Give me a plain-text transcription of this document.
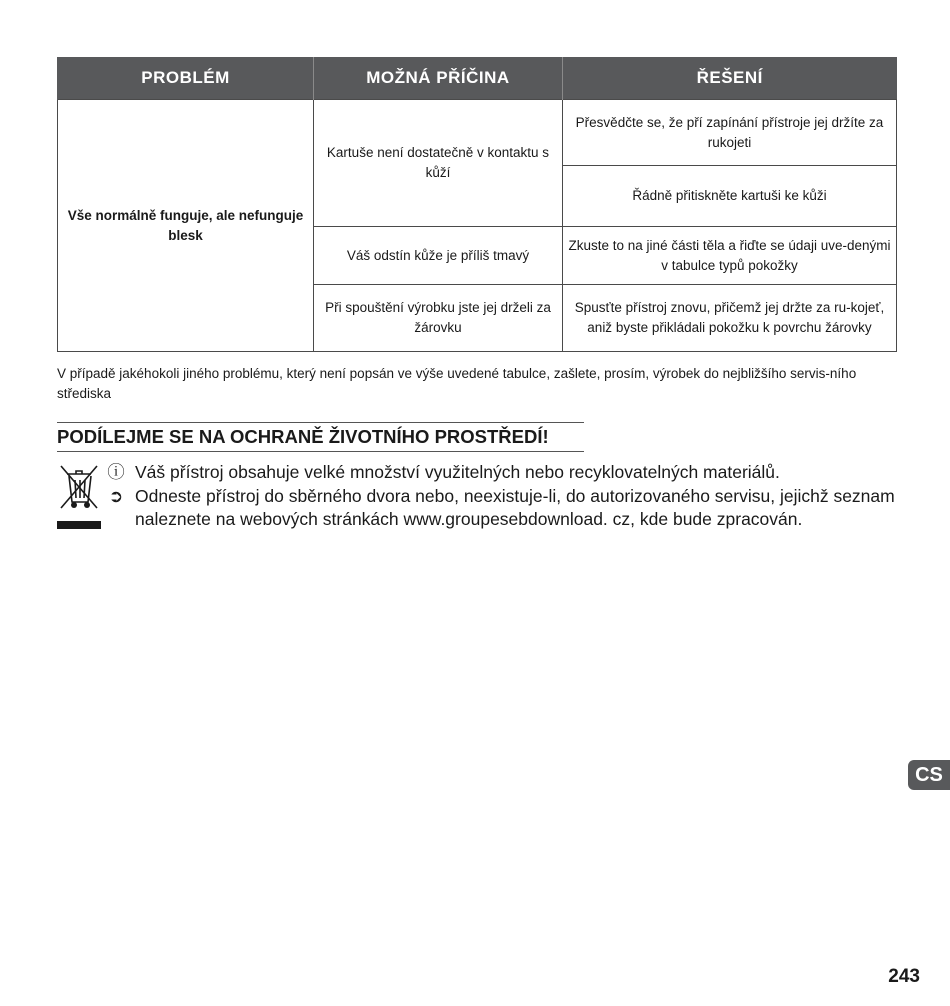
PROBLÉM	MOŽNÁ PŘÍČINA	ŘEŠENÍ
Vše normálně funguje, ale nefunguje blesk	Kartuše není dostatečně v kontaktu s kůží	Přesvědčte se, že pří zapínání přístroje jej držíte za rukojeti
		Řádně přitiskněte kartuši ke kůži
	Váš odstín kůže je příliš tmavý	Zkuste to na jiné části těla a řiďte se údaji uve-denými v tabulce typů pokožky
	Při spouštění výrobku jste jej drželi za žárovku	Spusťte přístroj znovu, přičemž jej držte za ru-kojeť, aniž byste přikládali pokožku k povrchu žárovky
V případě jakéhokoli jiného problému, který není popsán ve výše uvedené tabulce, zašlete, prosím, výrobek do nejbližšího servis-ního střediska
PODÍLEJME SE NA OCHRANĚ ŽIVOTNÍHO PROSTŘEDÍ!
ⓘ Váš přístroj obsahuje velké množství využitelných nebo recyklovatelných materiálů.
➲ Odneste přístroj do sběrného dvora nebo, neexistuje-li, do autorizovaného servisu, jejichž seznam naleznete na webových stránkách www.groupesebdownload. cz, kde bude zpracován.
CS
243
